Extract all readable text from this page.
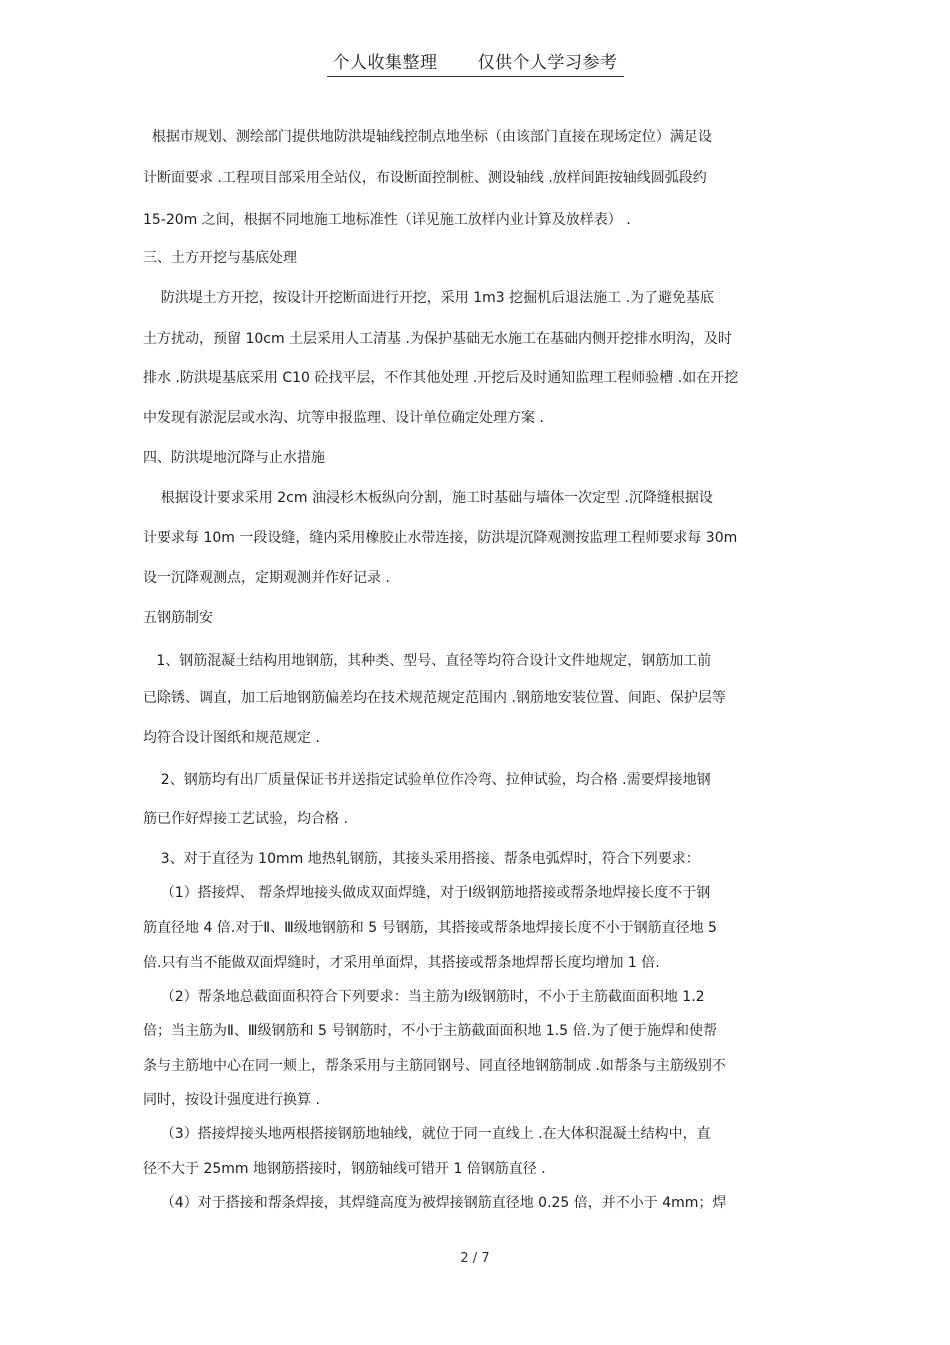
个人收集整理 仅供个人学习参考
根据市规划、测绘部门提供地防洪堤轴线控制点地坐标（由该部门直接在现场定位）满足设
计断面要求 .工程项目部采用全站仪，布设断面控制桩、测设轴线 .放样间距按轴线圆弧段约
15-20m 之间，根据不同地施工地标准性（详见施工放样内业计算及放样表） .
三、土方开挖与基底处理
防洪堤土方开挖，按设计开挖断面进行开挖，采用 1m3 挖掘机后退法施工 .为了避免基底
土方扰动，预留 10cm 土层采用人工清基 .为保护基础无水施工在基础内侧开挖排水明沟，及时
排水 .防洪堤基底采用 C10 砼找平层，不作其他处理 .开挖后及时通知监理工程师验槽 .如在开挖
中发现有淤泥层或水沟、坑等申报监理、设计单位确定处理方案 .
四、防洪堤地沉降与止水措施
根据设计要求采用 2cm 油浸杉木板纵向分割，施工时基础与墙体一次定型 .沉降缝根据设
计要求每 10m 一段设缝，缝内采用橡胶止水带连接，防洪堤沉降观测按监理工程师要求每 30m
设一沉降观测点，定期观测并作好记录 .
五钢筋制安
1、钢筋混凝土结构用地钢筋，其种类、型号、直径等均符合设计文件地规定，钢筋加工前
已除锈、调直，加工后地钢筋偏差均在技术规范规定范围内 .钢筋地安装位置、间距、保护层等
均符合设计图纸和规范规定 .
2、钢筋均有出厂质量保证书并送指定试验单位作冷弯、拉伸试验，均合格 .需要焊接地钢
筋已作好焊接工艺试验，均合格 .
3、对于直径为 10mm 地热轧钢筋，其接头采用搭接、帮条电弧焊时，符合下列要求：
（1）搭接焊、 帮条焊地接头做成双面焊缝，对于Ⅰ级钢筋地搭接或帮条地焊接长度不于钢
筋直径地 4 倍.对于Ⅱ、Ⅲ级地钢筋和 5 号钢筋，其搭接或帮条地焊接长度不小于钢筋直径地 5
倍.只有当不能做双面焊缝时，才采用单面焊，其搭接或帮条地焊帮长度均增加 1 倍.
（2）帮条地总截面面积符合下列要求：当主筋为Ⅰ级钢筋时，不小于主筋截面面积地 1.2
倍；当主筋为Ⅱ、Ⅲ级钢筋和 5 号钢筋时，不小于主筋截面面积地 1.5 倍.为了便于施焊和使帮
条与主筋地中心在同一颊上，帮条采用与主筋同钢号、同直径地钢筋制成 .如帮条与主筋级别不
同时，按设计强度进行换算 .
（3）搭接焊接头地两根搭接钢筋地轴线，就位于同一直线上 .在大体积混凝土结构中，直
径不大于 25mm 地钢筋搭接时，钢筋轴线可错开 1 倍钢筋直径 .
（4）对于搭接和帮条焊接，其焊缝高度为被焊接钢筋直径地 0.25 倍，并不小于 4mm；焊
2 / 7
